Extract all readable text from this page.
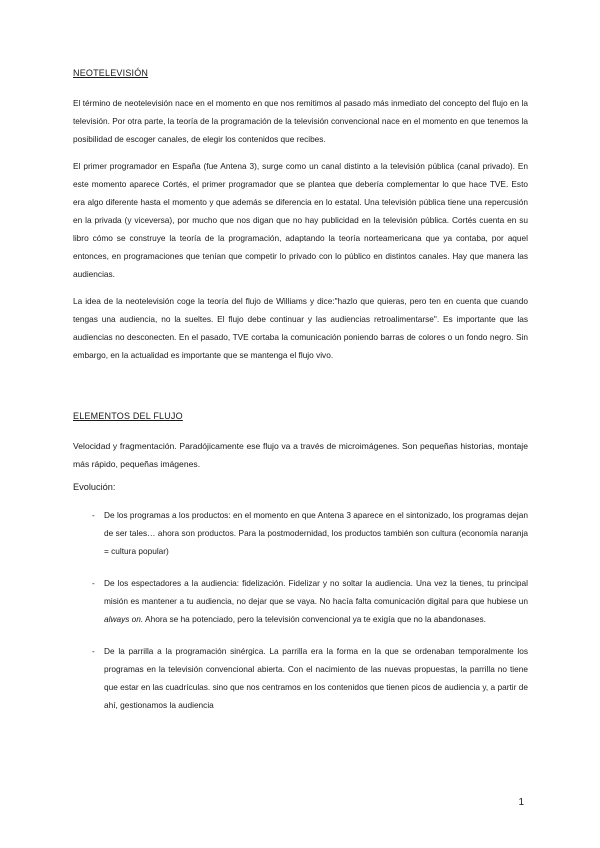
NEOTELEVISIÓN

El término de neotelevisión nace en el momento en que nos remitimos al pasado más inmediato del concepto del flujo en la televisión. Por otra parte, la teoría de la programación de la televisión convencional nace en el momento en que tenemos la posibilidad de escoger canales, de elegir los contenidos que recibes.

El primer programador en España (fue Antena 3), surge como un canal distinto a la televisión pública (canal privado). En este momento aparece Cortés, el primer programador que se plantea que debería complementar lo que hace TVE. Esto era algo diferente hasta el momento y que además se diferencia en lo estatal. Una televisión pública tiene una repercusión en la privada (y viceversa), por mucho que nos digan que no hay publicidad en la televisión pública. Cortés cuenta en su libro cómo se construye la teoría de la programación, adaptando la teoría norteamericana que ya contaba, por aquel entonces, en programaciones que tenían que competir lo privado con lo público en distintos canales. Hay que manera las audiencias.

La idea de la neotelevisión coge la teoría del flujo de Williams y dice:"hazlo que quieras, pero ten en cuenta que cuando tengas una audiencia, no la sueltes. El flujo debe continuar y las audiencias retroalimentarse". Es importante que las audiencias no desconecten. En el pasado, TVE cortaba la comunicación poniendo barras de colores o un fondo negro. Sin embargo, en la actualidad es importante que se mantenga el flujo vivo.

ELEMENTOS DEL FLUJO

Velocidad y fragmentación. Paradójicamente ese flujo va a través de microimágenes. Son pequeñas historias, montaje más rápido, pequeñas imágenes.

Evolución:
-	De los programas a los productos: en el momento en que Antena 3 aparece en el sintonizado, los programas dejan de ser tales… ahora son productos. Para la postmodernidad, los productos también son cultura (economía naranja = cultura popular)
-	De los espectadores a la audiencia: fidelización. Fidelizar y no soltar la audiencia. Una vez la tienes, tu principal misión es mantener a tu audiencia, no dejar que se vaya. No hacía falta comunicación digital para que hubiese un always on. Ahora se ha potenciado, pero la televisión convencional ya te exigía que no la abandonases.
-	De la parrilla a la programación sinérgica. La parrilla era la forma en la que se ordenaban temporalmente los programas en la televisión convencional abierta. Con el nacimiento de las nuevas propuestas, la parrilla no tiene que estar en las cuadrículas. sino que nos centramos en los contenidos que tienen picos de audiencia y, a partir de ahí, gestionamos la audiencia
1
